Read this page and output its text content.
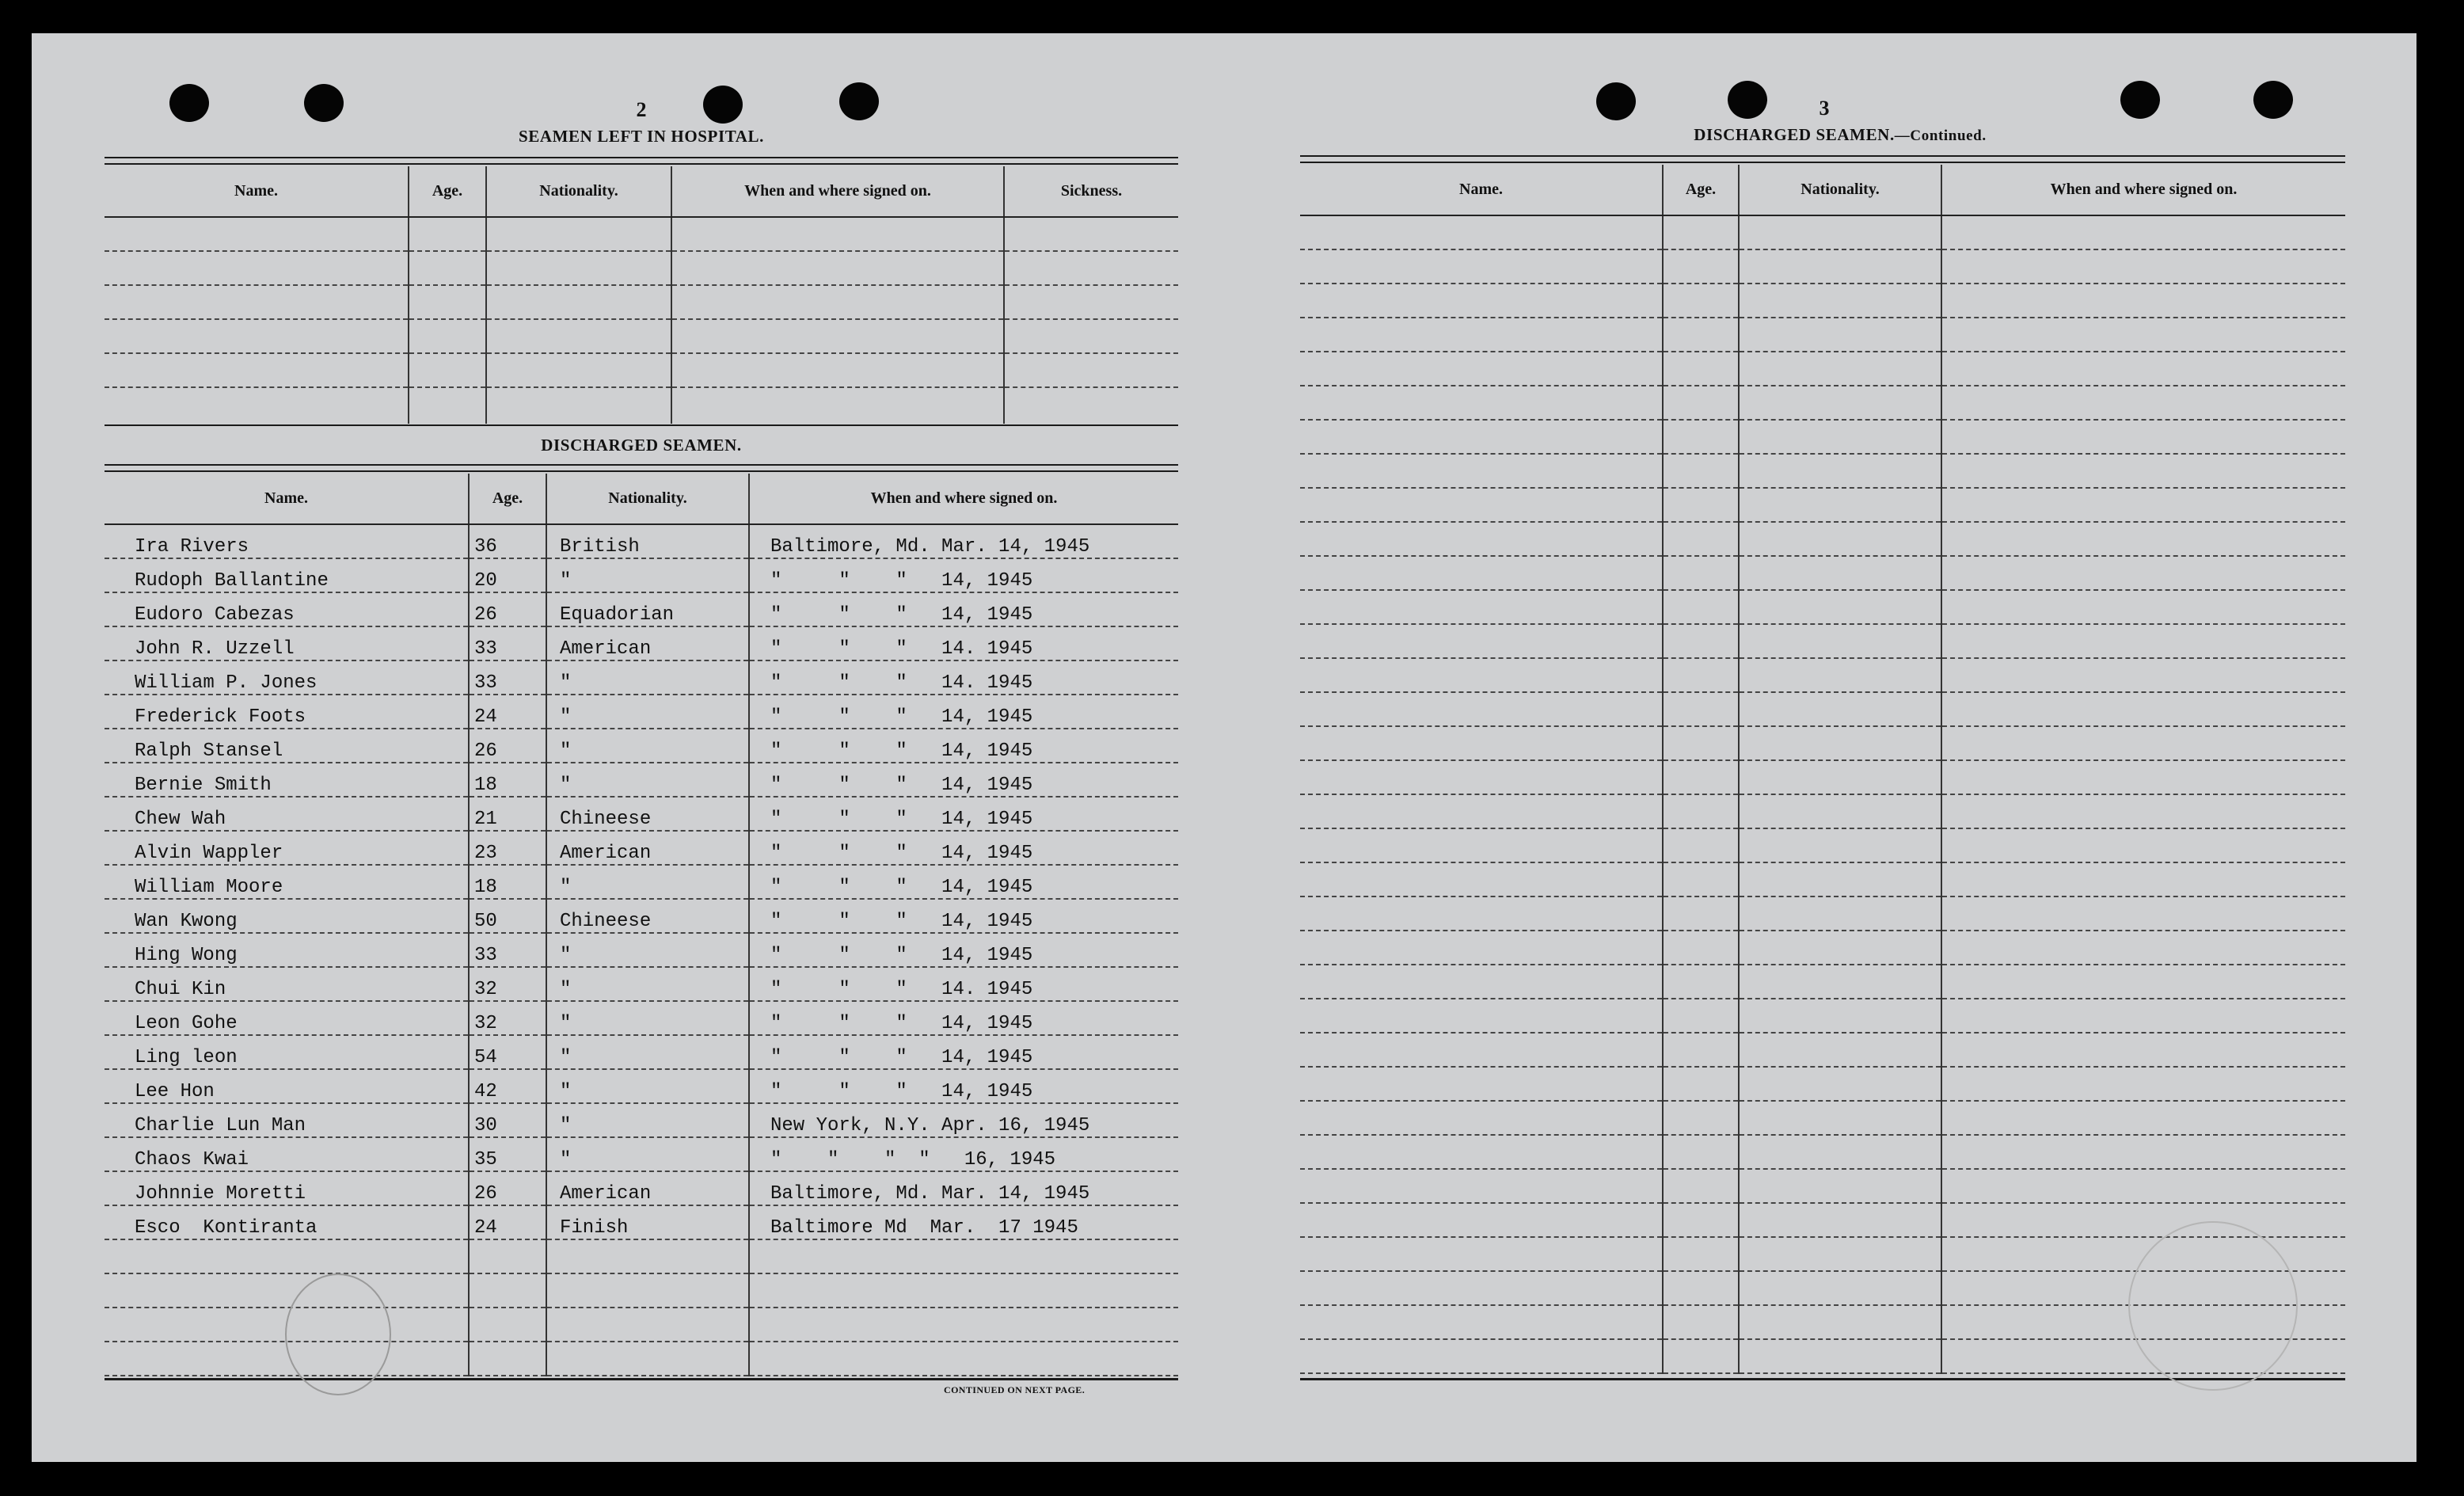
2
SEAMEN LEFT IN HOSPITAL.
Name.	Age.	Nationality.	When and where signed on.	Sickness.

DISCHARGED SEAMEN.
Name.	Age.	Nationality.	When and where signed on.
Ira Rivers	36	British	Baltimore, Md. Mar. 14, 1945
Rudoph Ballantine	20	"	"     "    "   14, 1945
Eudoro Cabezas	26	Equadorian	"     "    "   14, 1945
John R. Uzzell	33	American	"     "    "   14. 1945
William P. Jones	33	"	"     "    "   14. 1945
Frederick Foots	24	"	"     "    "   14, 1945
Ralph Stansel	26	"	"     "    "   14, 1945
Bernie Smith	18	"	"     "    "   14, 1945
Chew Wah	21	Chineese	"     "    "   14, 1945
Alvin Wappler	23	American	"     "    "   14, 1945
William Moore	18	"	"     "    "   14, 1945
Wan Kwong	50	Chineese	"     "    "   14, 1945
Hing Wong	33	"	"     "    "   14, 1945
Chui Kin	32	"	"     "    "   14. 1945
Leon Gohe	32	"	"     "    "   14, 1945
Ling leon	54	"	"     "    "   14, 1945
Lee Hon	42	"	"     "    "   14, 1945
Charlie Lun Man	30	"	New York, N.Y. Apr. 16, 1945
Chaos Kwai	35	"	"    "    "  "   16, 1945
Johnnie Moretti	26	American	Baltimore, Md. Mar. 14, 1945
Esco  Kontiranta	24	Finish	Baltimore Md  Mar.  17 1945

CONTINUED ON NEXT PAGE.
3
DISCHARGED SEAMEN.—Continued.
Name.	Age.	Nationality.	When and where signed on.
